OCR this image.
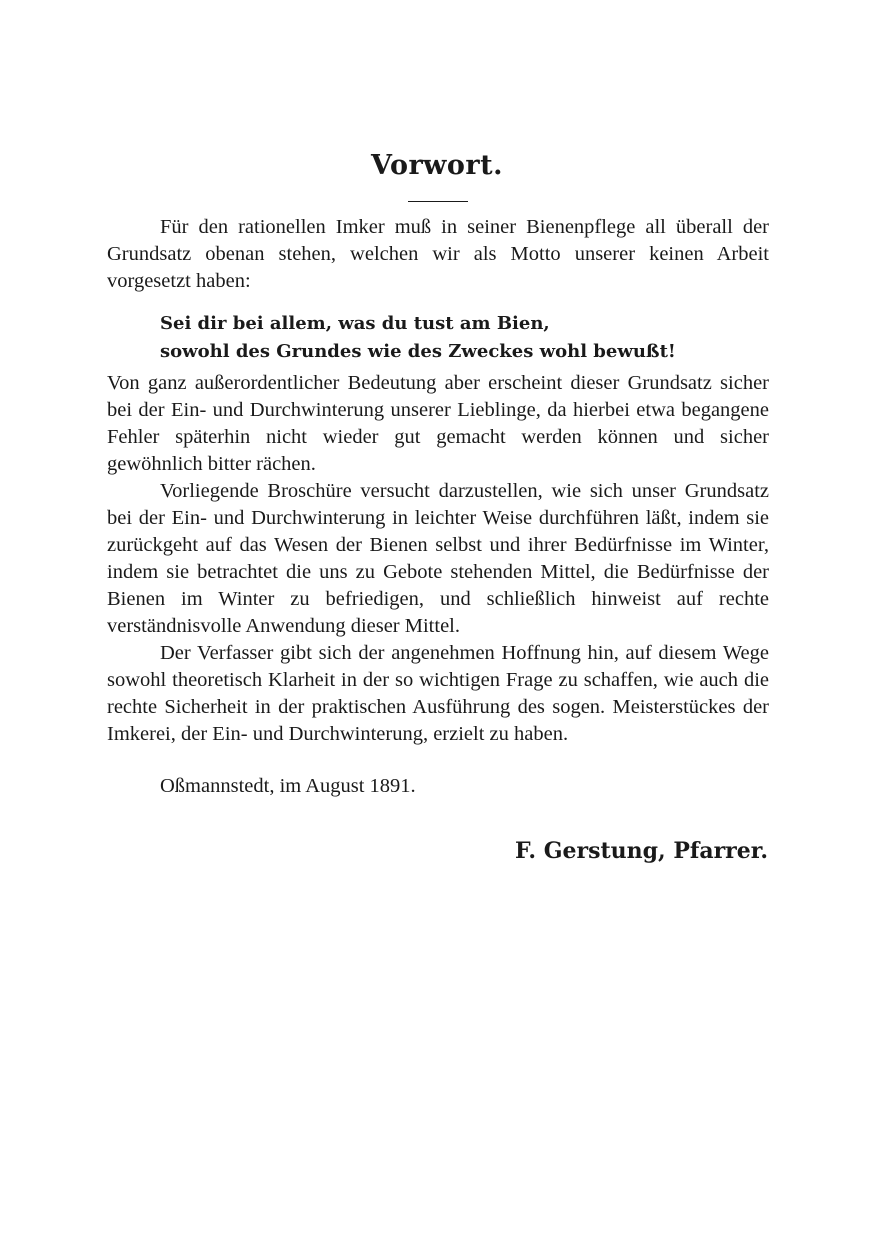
Vorwort.

Für den rationellen Imker muß in seiner Bienenpflege all überall der Grundsatz obenan stehen, welchen wir als Motto unserer keinen Arbeit vorgesetzt haben:

Sei dir bei allem, was du tust am Bien,
sowohl des Grundes wie des Zweckes wohl bewußt!

Von ganz außerordentlicher Bedeutung aber erscheint dieser Grundsatz sicher bei der Ein- und Durchwinterung unserer Lieblinge, da hierbei etwa begangene Fehler späterhin nicht wieder gut gemacht werden können und sicher gewöhnlich bitter rächen.

Vorliegende Broschüre versucht darzustellen, wie sich unser Grundsatz bei der Ein- und Durchwinterung in leichter Weise durchführen läßt, indem sie zurückgeht auf das Wesen der Bienen selbst und ihrer Bedürfnisse im Winter, indem sie betrachtet die uns zu Gebote stehenden Mittel, die Bedürfnisse der Bienen im Winter zu befriedigen, und schließlich hinweist auf rechte verständnisvolle Anwendung dieser Mittel.

Der Verfasser gibt sich der angenehmen Hoffnung hin, auf diesem Wege sowohl theoretisch Klarheit in der so wichtigen Frage zu schaffen, wie auch die rechte Sicherheit in der praktischen Ausführung des sogen. Meisterstückes der Imkerei, der Ein- und Durchwinterung, erzielt zu haben.

Oßmannstedt, im August 1891.
F. Gerstung, Pfarrer.
